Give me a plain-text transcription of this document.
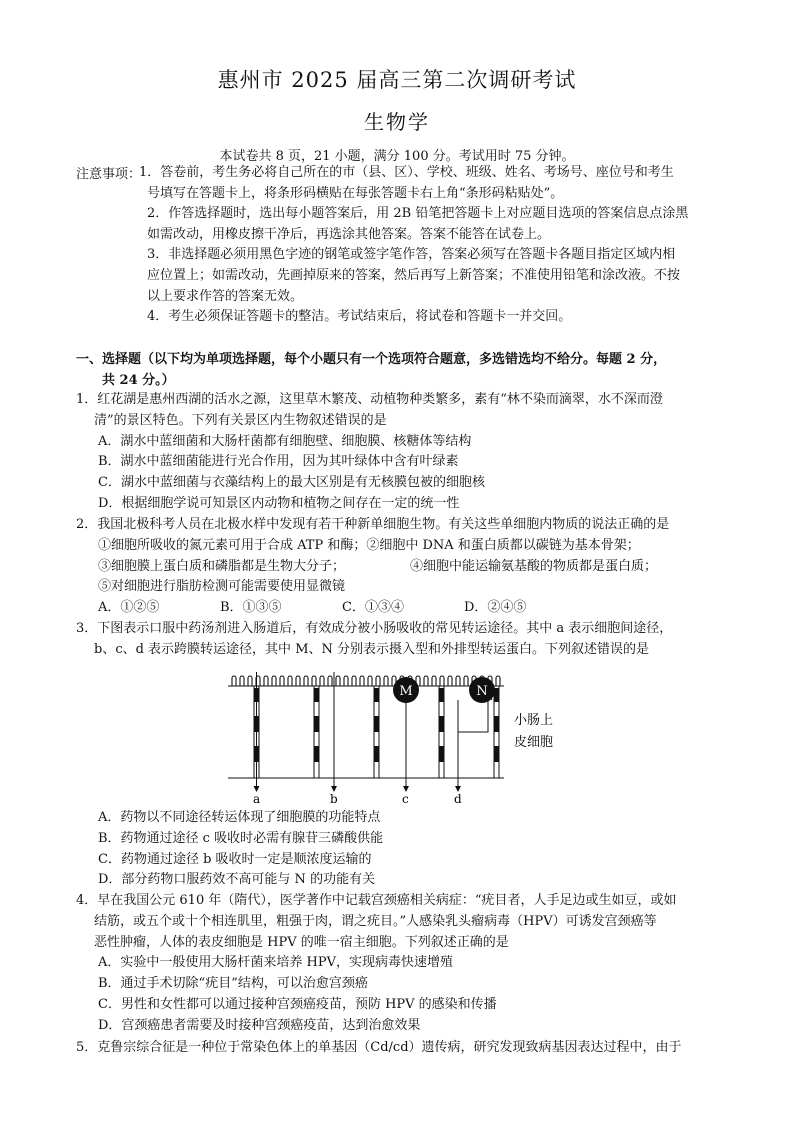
惠州市 2025 届高三第二次调研考试
生物学
本试卷共 8 页，21 小题，满分 100 分。考试用时 75 分钟。
注意事项：

1．答卷前，考生务必将自己所在的市（县、区）、学校、班级、姓名、考场号、座位号和考生

号填写在答题卡上，将条形码横贴在每张答题卡右上角“条形码粘贴处”。

2．作答选择题时，选出每小题答案后，用 2B 铅笔把答题卡上对应题目选项的答案信息点涂黑

如需改动，用橡皮擦干净后，再选涂其他答案。答案不能答在试卷上。

3．非选择题必须用黑色字迹的钢笔或签字笔作答，答案必须写在答题卡各题目指定区域内相

应位置上；如需改动，先画掉原来的答案，然后再写上新答案；不准使用铅笔和涂改液。不按

以上要求作答的答案无效。

4．考生必须保证答题卡的整洁。考试结束后，将试卷和答题卡一并交回。

一、选择题（以下均为单项选择题，每个小题只有一个选项符合题意，多选错选均不给分。每题 2 分，
共 24 分。）

1．红花湖是惠州西湖的活水之源，这里草木繁茂、动植物种类繁多，素有“林不染而滴翠，水不深而澄
清”的景区特色。下列有关景区内生物叙述错误的是

A．湖水中蓝细菌和大肠杆菌都有细胞壁、细胞膜、核糖体等结构

B．湖水中蓝细菌能进行光合作用，因为其叶绿体中含有叶绿素

C．湖水中蓝细菌与衣藻结构上的最大区别是有无核膜包被的细胞核

D．根据细胞学说可知景区内动物和植物之间存在一定的统一性

2．我国北极科考人员在北极水样中发现有若干种新单细胞生物。有关这些单细胞内物质的说法正确的是

①细胞所吸收的氮元素可用于合成 ATP 和酶；②细胞中 DNA 和蛋白质都以碳链为基本骨架；

③细胞膜上蛋白质和磷脂都是生物大分子；	④细胞中能运输氨基酸的物质都是蛋白质；

⑤对细胞进行脂肪检测可能需要使用显微镜

A．①②⑤	B．①③⑤	C．①③④	D．②④⑤

3．下图表示口服中药汤剂进入肠道后，有效成分被小肠吸收的常见转运途径。其中 a 表示细胞间途径，
b、c、d 表示跨膜转运途径，其中 M、N 分别表示摄入型和外排型转运蛋白。下列叙述错误的是

M	N
小肠上
皮细胞
a	b	c	d

A．药物以不同途径转运体现了细胞膜的功能特点

B．药物通过途径 c 吸收时必需有腺苷三磷酸供能

C．药物通过途径 b 吸收时一定是顺浓度运输的

D．部分药物口服药效不高可能与 N 的功能有关

4．早在我国公元 610 年（隋代），医学著作中记载宫颈癌相关病症：“疣目者，人手足边或生如豆，或如
结筋，或五个或十个相连肌里，粗强于肉，谓之疣目。”人感染乳头瘤病毒（HPV）可诱发宫颈癌等
恶性肿瘤，人体的表皮细胞是 HPV 的唯一宿主细胞。下列叙述正确的是

A．实验中一般使用大肠杆菌来培养 HPV，实现病毒快速增殖

B．通过手术切除“疣目”结构，可以治愈宫颈癌

C．男性和女性都可以通过接种宫颈癌疫苗，预防 HPV 的感染和传播

D．宫颈癌患者需要及时接种宫颈癌疫苗，达到治愈效果

5．克鲁宗综合征是一种位于常染色体上的单基因（Cd/cd）遗传病，研究发现致病基因表达过程中，由于
